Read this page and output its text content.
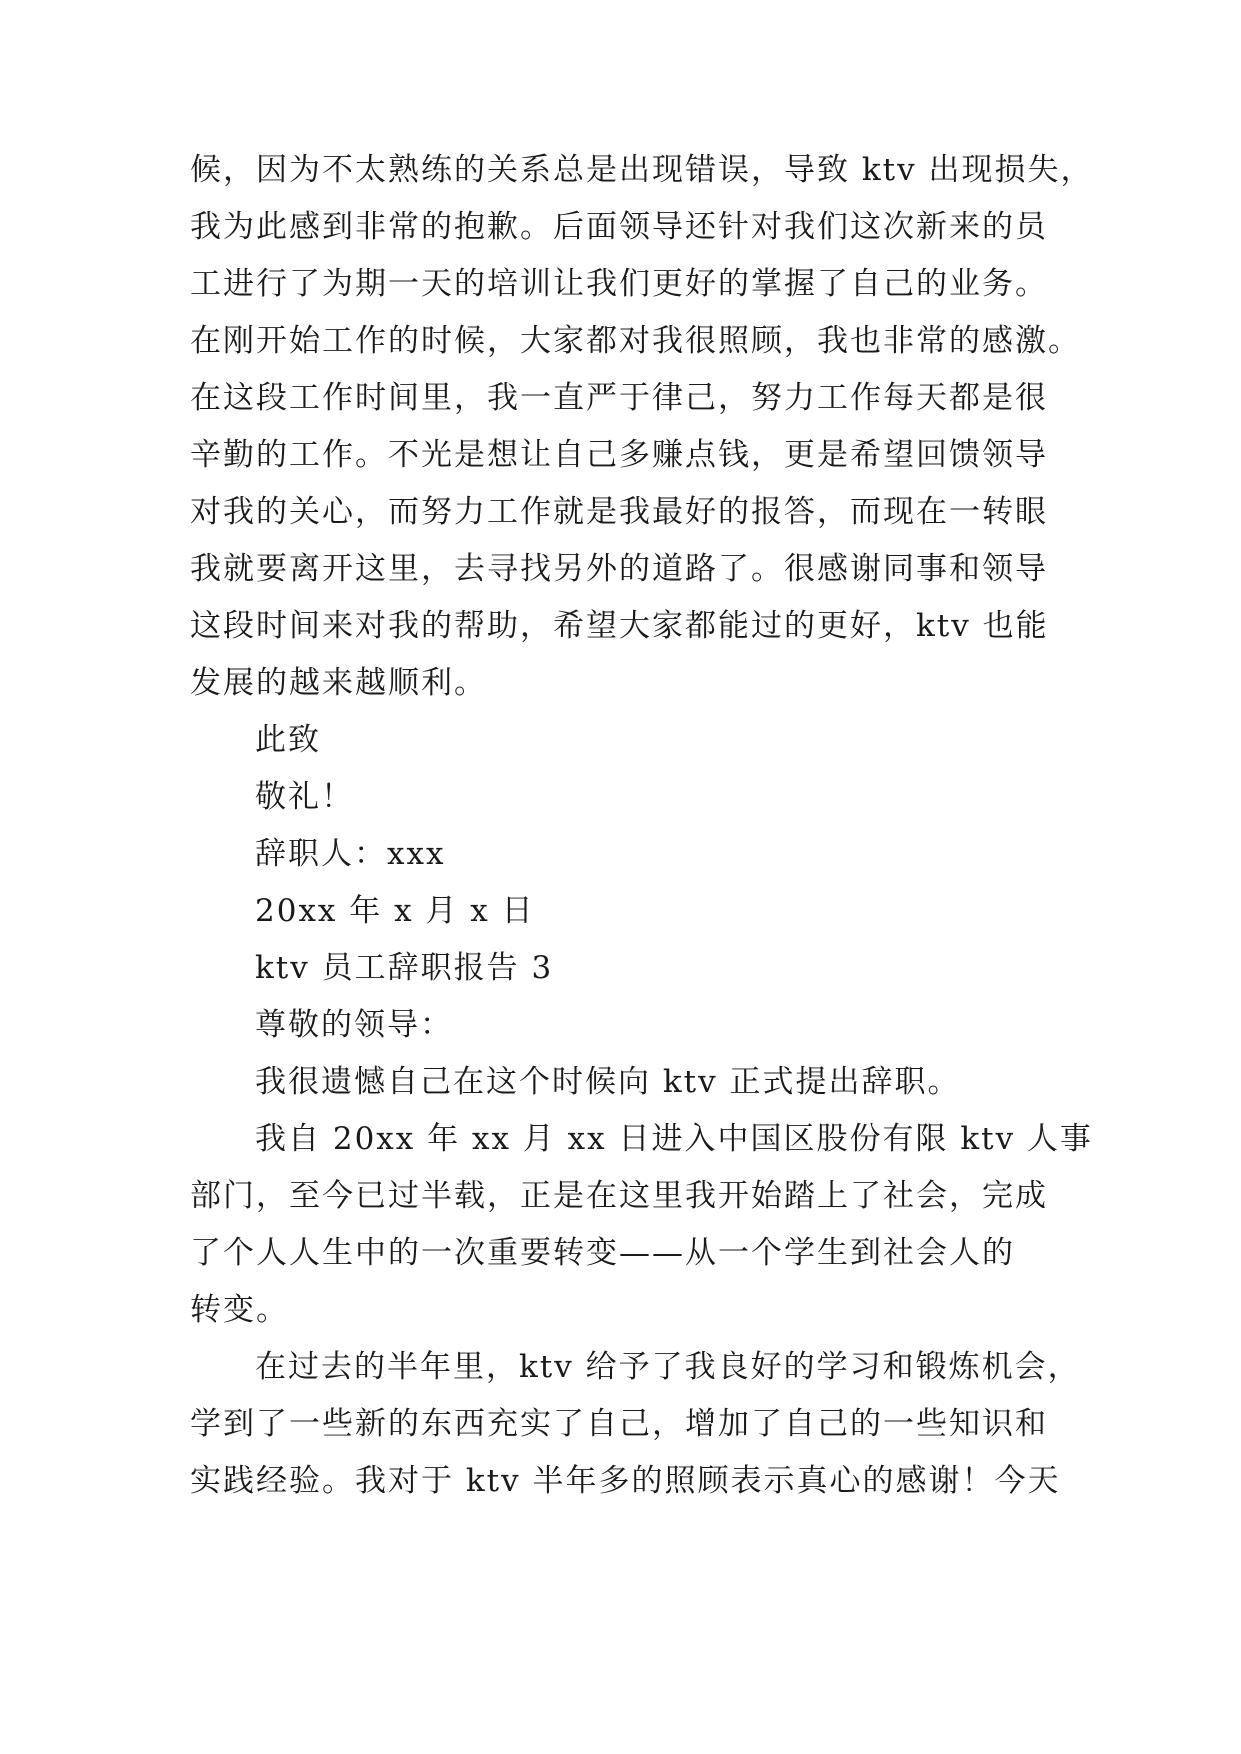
候，因为不太熟练的关系总是出现错误，导致 ktv 出现损失，
我为此感到非常的抱歉。后面领导还针对我们这次新来的员
工进行了为期一天的培训让我们更好的掌握了自己的业务。
在刚开始工作的时候，大家都对我很照顾，我也非常的感激。
在这段工作时间里，我一直严于律己，努力工作每天都是很
辛勤的工作。不光是想让自己多赚点钱，更是希望回馈领导
对我的关心，而努力工作就是我最好的报答，而现在一转眼
我就要离开这里，去寻找另外的道路了。很感谢同事和领导
这段时间来对我的帮助，希望大家都能过的更好，ktv 也能
发展的越来越顺利。
此致
敬礼！
辞职人：xxx
20xx 年 x 月 x 日
ktv 员工辞职报告 3
尊敬的领导：
我很遗憾自己在这个时候向 ktv 正式提出辞职。
我自 20xx 年 xx 月 xx 日进入中国区股份有限 ktv 人事
部门，至今已过半载，正是在这里我开始踏上了社会，完成
了个人人生中的一次重要转变——从一个学生到社会人的
转变。
在过去的半年里，ktv 给予了我良好的学习和锻炼机会，
学到了一些新的东西充实了自己，增加了自己的一些知识和
实践经验。我对于 ktv 半年多的照顾表示真心的感谢！今天
